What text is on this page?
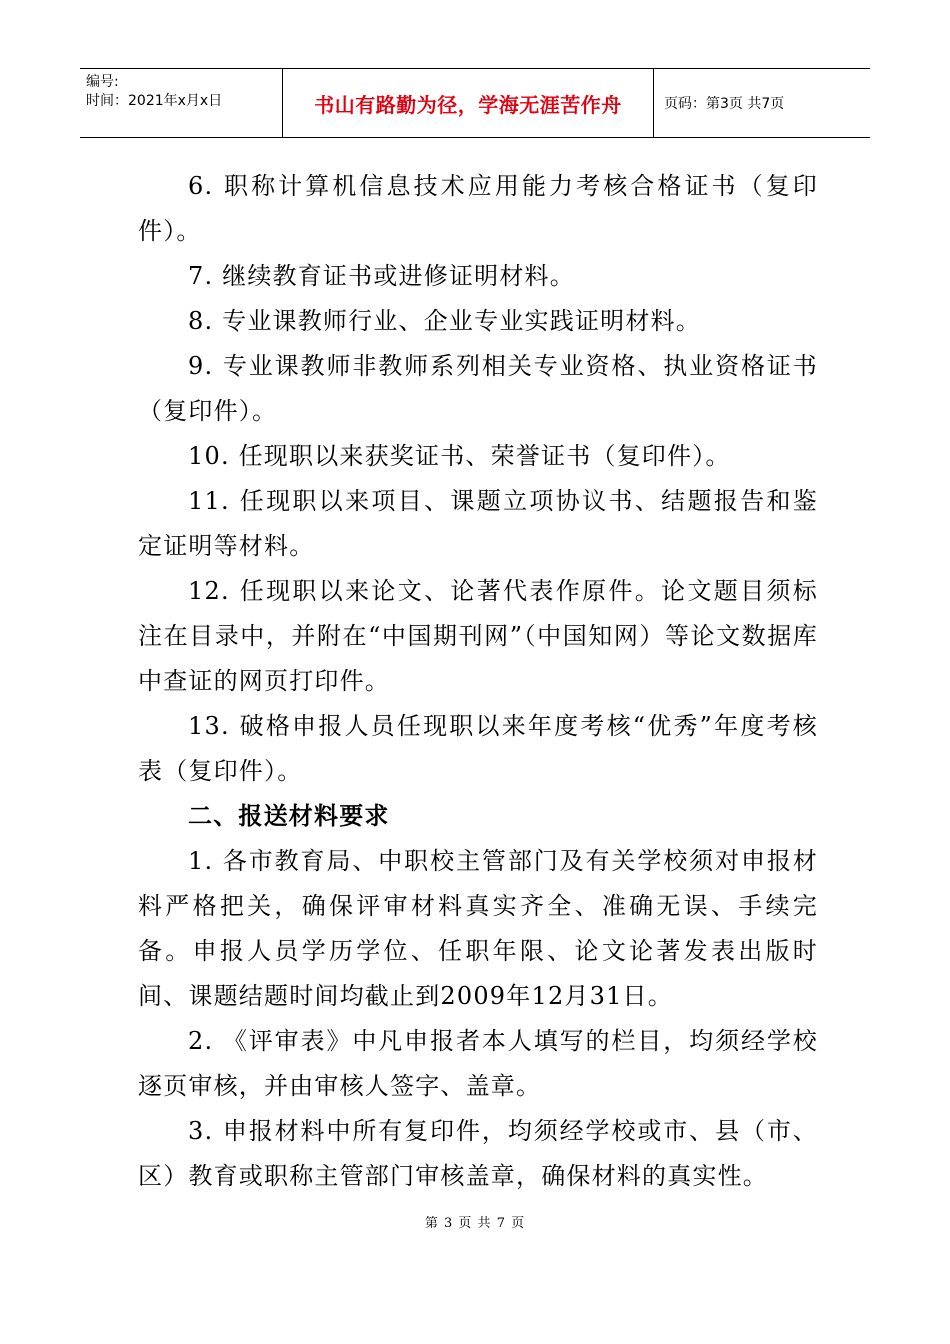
编号:
时间：2021年x月x日	书山有路勤为径，学海无涯苦作舟	页码：第3页 共7页

6. 职称计算机信息技术应用能力考核合格证书（复印件）。

7. 继续教育证书或进修证明材料。

8. 专业课教师行业、企业专业实践证明材料。

9. 专业课教师非教师系列相关专业资格、执业资格证书（复印件）。

10. 任现职以来获奖证书、荣誉证书（复印件）。

11. 任现职以来项目、课题立项协议书、结题报告和鉴定证明等材料。

12. 任现职以来论文、论著代表作原件。论文题目须标注在目录中，并附在“中国期刊网”（中国知网）等论文数据库中查证的网页打印件。

13. 破格申报人员任现职以来年度考核“优秀”年度考核表（复印件）。

二、报送材料要求

1. 各市教育局、中职校主管部门及有关学校须对申报材料严格把关，确保评审材料真实齐全、准确无误、手续完备。申报人员学历学位、任职年限、论文论著发表出版时间、课题结题时间均截止到2009年12月31日。

2. 《评审表》中凡申报者本人填写的栏目，均须经学校逐页审核，并由审核人签字、盖章。

3. 申报材料中所有复印件，均须经学校或市、县（市、区）教育或职称主管部门审核盖章，确保材料的真实性。

第 3 页 共 7 页
